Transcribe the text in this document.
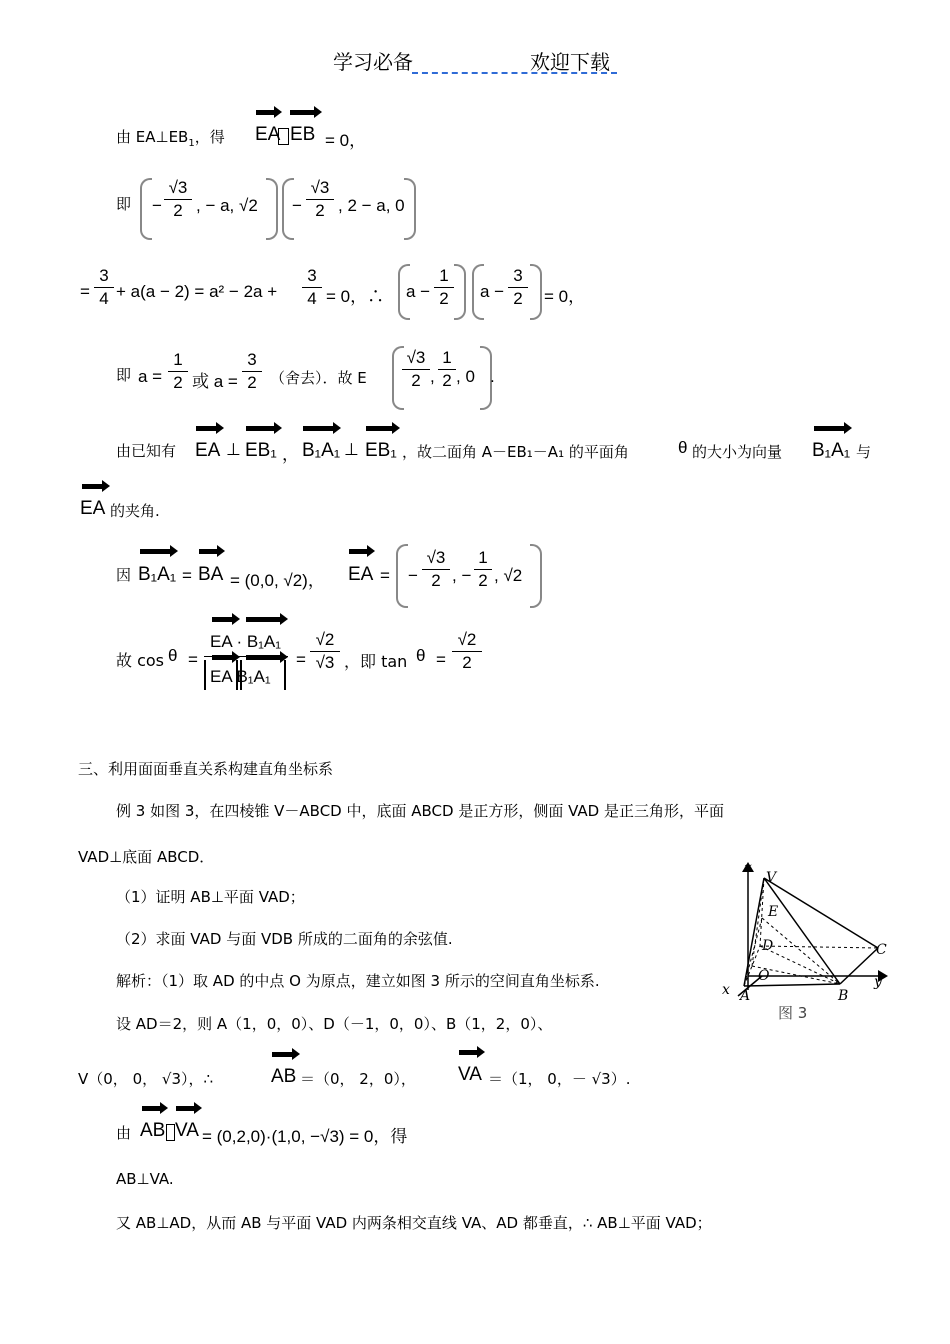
学习必备	欢迎下载
由 $EA\perp EB_1$，得 EA EB = 0，
即 −
√3
2 , − a, √2 −
√3
2 , 2 − a, 0
=
3
4 + a(a − 2) = a² − 2a +
3
4 = 0，∴ a −
1
2	a −
3
2	= 0，
即 a =
1
2 或 a =
3
2 （舍去）．故 E
√3
2 ,
1
2 , 0 .
由已知有 EA ⊥ EB₁ ， B₁A₁ ⊥ EB₁ ，故二面角 A－EB₁－A₁ 的平面角	θ 的大小为向量 B₁A₁ 与
EA 的夹角.
因 B₁A₁ = BA = (0,0, √2)， EA = −
√3
2 , −
1
2 , √2
故 cos θ =
EA · B₁A₁
EA B₁A₁
=
√2
√3 ，即 tan θ =
√2
2
三、利用面面垂直关系构建直角坐标系
例 3 如图 3，在四棱锥 V－ABCD 中，底面 ABCD 是正方形，侧面 VAD 是正三角形，平面
VAD⊥底面 ABCD．
（1）证明 AB⊥平面 VAD；
（2）求面 VAD 与面 VDB 所成的二面角的余弦值.
解析：（1）取 AD 的中点 O 为原点，建立如图 3 所示的空间直角坐标系.
设 AD＝2，则 A（1，0，0）、D（－1，0，0）、B（1，2，0）、
V（0， 0， √3），∴	AB ＝（0， 2，0）， VA ＝（1， 0，－ √3）.
由 AB VA = (0,2,0)·(1,0, −√3) = 0，得
AB⊥VA.
又 AB⊥AD，从而 AB 与平面 VAD 内两条相交直线 VA、AD 都垂直，∴ AB⊥平面 VAD；
z
V
E
D
O
C
y
x A	B
图 3
